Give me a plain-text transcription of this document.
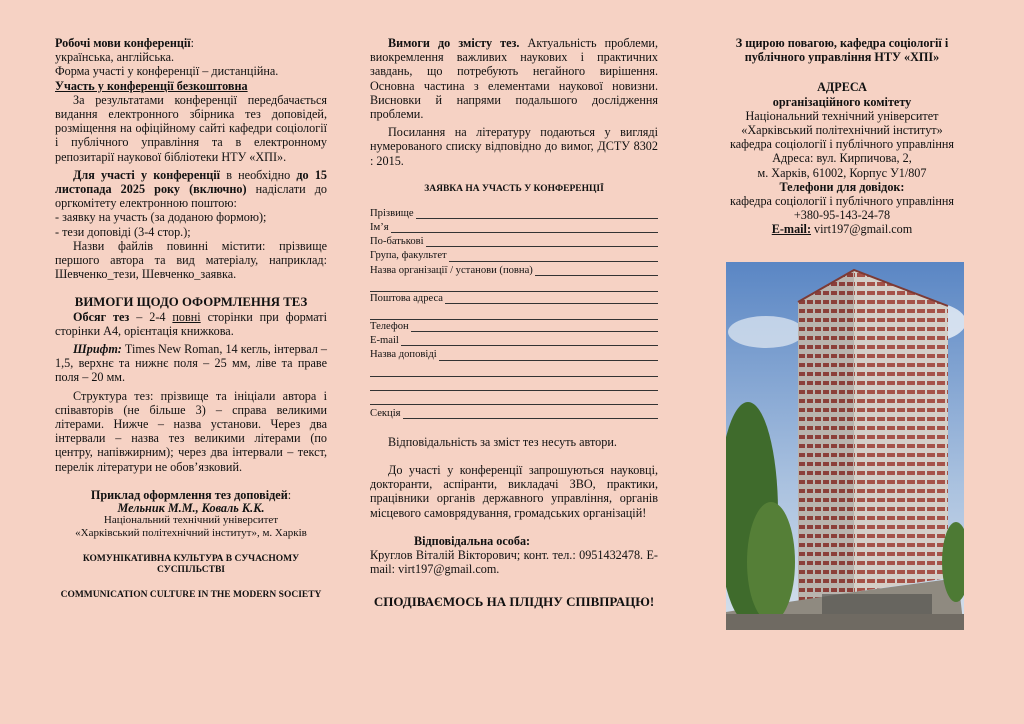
Робочі мови конференції:

українська, англійська.

Форма участі у конференції – дистанційна.

Участь у конференції безкоштовна

За результатами конференції передбачається видання електронного збірника тез доповідей, розміщення на офіційному сайті кафедри соціології і публічного управління та в електронному репозитарії наукової бібліотеки НТУ «ХПІ».

Для участі у конференції в необхідно до 15 листопада 2025 року (включно) надіслати до оргкомітету електронною поштою:

- заявку на участь (за доданою формою);

- тези доповіді (3-4 стор.);

Назви файлів повинні містити: прізвище першого автора та вид матеріалу, наприклад: Шевченко_тези, Шевченко_заявка.

ВИМОГИ ЩОДО ОФОРМЛЕННЯ ТЕЗ

Обсяг тез – 2-4 повні сторінки при форматі сторінки А4, орієнтація книжкова.

Шрифт: Times New Roman, 14 кегль, інтервал – 1,5, верхнє та нижнє поля – 25 мм, ліве та праве поля – 20 мм.

Структура тез: прізвище та ініціали автора і співавторів (не більше 3) – справа великими літерами. Нижче – назва установи. Через два інтервали – назва тез великими літерами (по центру, напівжирним); через два інтервали – текст, перелік літератури не обов’язковий.

Приклад оформлення тез доповідей:

Мельник М.М., Коваль К.К.

Національний технічний університет

«Харківський політехнічний інститут», м. Харків

КОМУНІКАТИВНА КУЛЬТУРА В СУЧАСНОМУ СУСПІЛЬСТВІ

COMMUNICATION CULTURE IN THE MODERN SOCIETY

Вимоги до змісту тез. Актуальність проблеми, виокремлення важливих наукових і практичних завдань, що потребують негайного вирішення. Основна частина з елементами наукової новизни. Висновки й напрями подальшого дослідження проблеми.

Посилання на літературу подаються у вигляді нумерованого списку відповідно до вимог, ДСТУ 8302 : 2015.

ЗАЯВКА НА УЧАСТЬ У КОНФЕРЕНЦІЇ

Прізвище
Ім’я
По-батькові
Група, факультет
Назва організації / установи (повна)
Поштова адреса
Телефон
E-mail
Назва доповіді
Секція

Відповідальність за зміст тез несуть автори.

До участі у конференції запрошуються науковці, докторанти, аспіранти, викладачі ЗВО, практики, працівники органів державного управління, органів місцевого самоврядування, громадських організацій!

Відповідальна особа:

Круглов Віталій Вікторович; конт. тел.: 0951432478. E-mail: virt197@gmail.com.

СПОДІВАЄМОСЬ НА ПЛІДНУ СПІВПРАЦЮ!

З щирою повагою, кафедра соціології і публічного управління НТУ «ХПІ»

АДРЕСА

організаційного комітету

Національний технічний університет

«Харківський політехнічний інститут»

кафедра соціології і публічного управління

Адреса: вул. Кирпичова, 2,

м. Харків, 61002, Корпус У1/807

Телефони для довідок:

кафедра соціології і публічного управління

+380-95-143-24-78

E-mail: virt197@gmail.com
